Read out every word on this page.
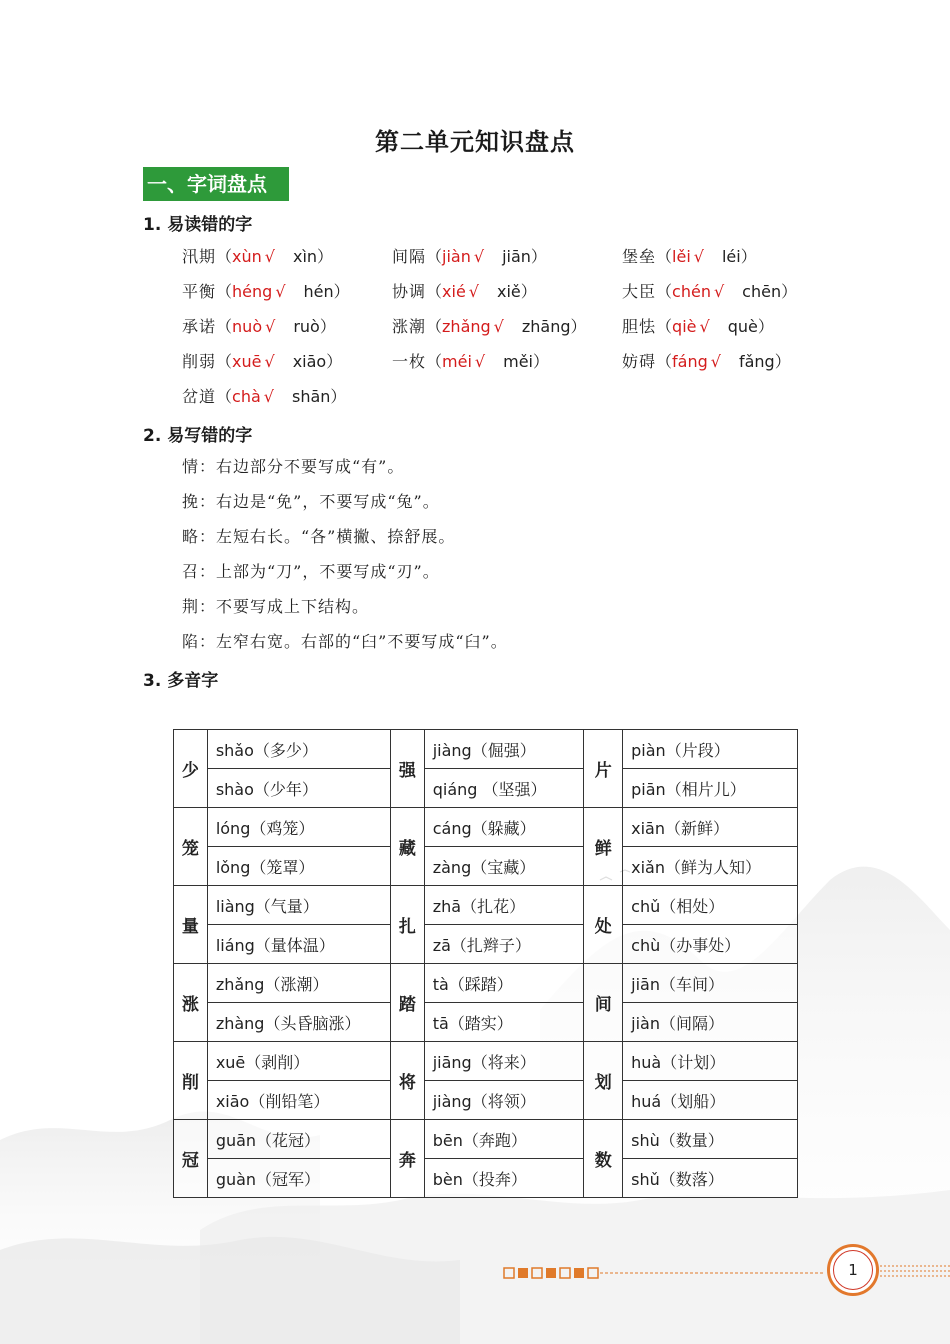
第二单元知识盘点
一、字词盘点
1. 易读错的字
2. 易写错的字
3. 多音字
汛期（xùn √ xìn）	间隔（jiàn √ jiān）	堡垒（lěi √ léi）
平衡（héng √ hén）	协调（xié √ xiě）	大臣（chén √ chēn）
承诺（nuò √ ruò）	涨潮（zhǎng √ zhāng） 胆怯（qiè √ què）
削弱（xuē √ xiāo）	一枚（méi √ měi）	妨碍（fáng √ fǎng）
岔道（chà √ shān）
情：右边部分不要写成“有”。
挽：右边是“免”，不要写成“兔”。
略：左短右长。“各”横撇、捺舒展。
召：上部为“刀”，不要写成“刃”。
荆：不要写成上下结构。
陷：左窄右宽。右部的“臼”不要写成“臼”。
少	shǎo（多少）	强	jiàng（倔强）	片	piàn（片段）
	shào（少年）		qiáng （坚强）		piān（相片儿）
笼	lóng（鸡笼）	藏	cáng（躲藏）	鲜	xiān（新鲜）
	lǒng（笼罩）		zàng（宝藏）		xiǎn（鲜为人知）
量	liàng（气量）	扎	zhā（扎花）	处	chǔ（相处）
	liáng（量体温）		zā（扎辫子）		chù（办事处）
涨	zhǎng（涨潮）	踏	tà（踩踏）	间	jiān（车间）
	zhàng（头昏脑涨）		tā（踏实）		jiàn（间隔）
削	xuē（剥削）	将	jiāng（将来）	划	huà（计划）
	xiāo（削铅笔）		jiàng（将领）		huá（划船）
冠	guān（花冠）	奔	bēn（奔跑）	数	shù（数量）
	guàn（冠军）		bèn（投奔）		shǔ（数落）
1
